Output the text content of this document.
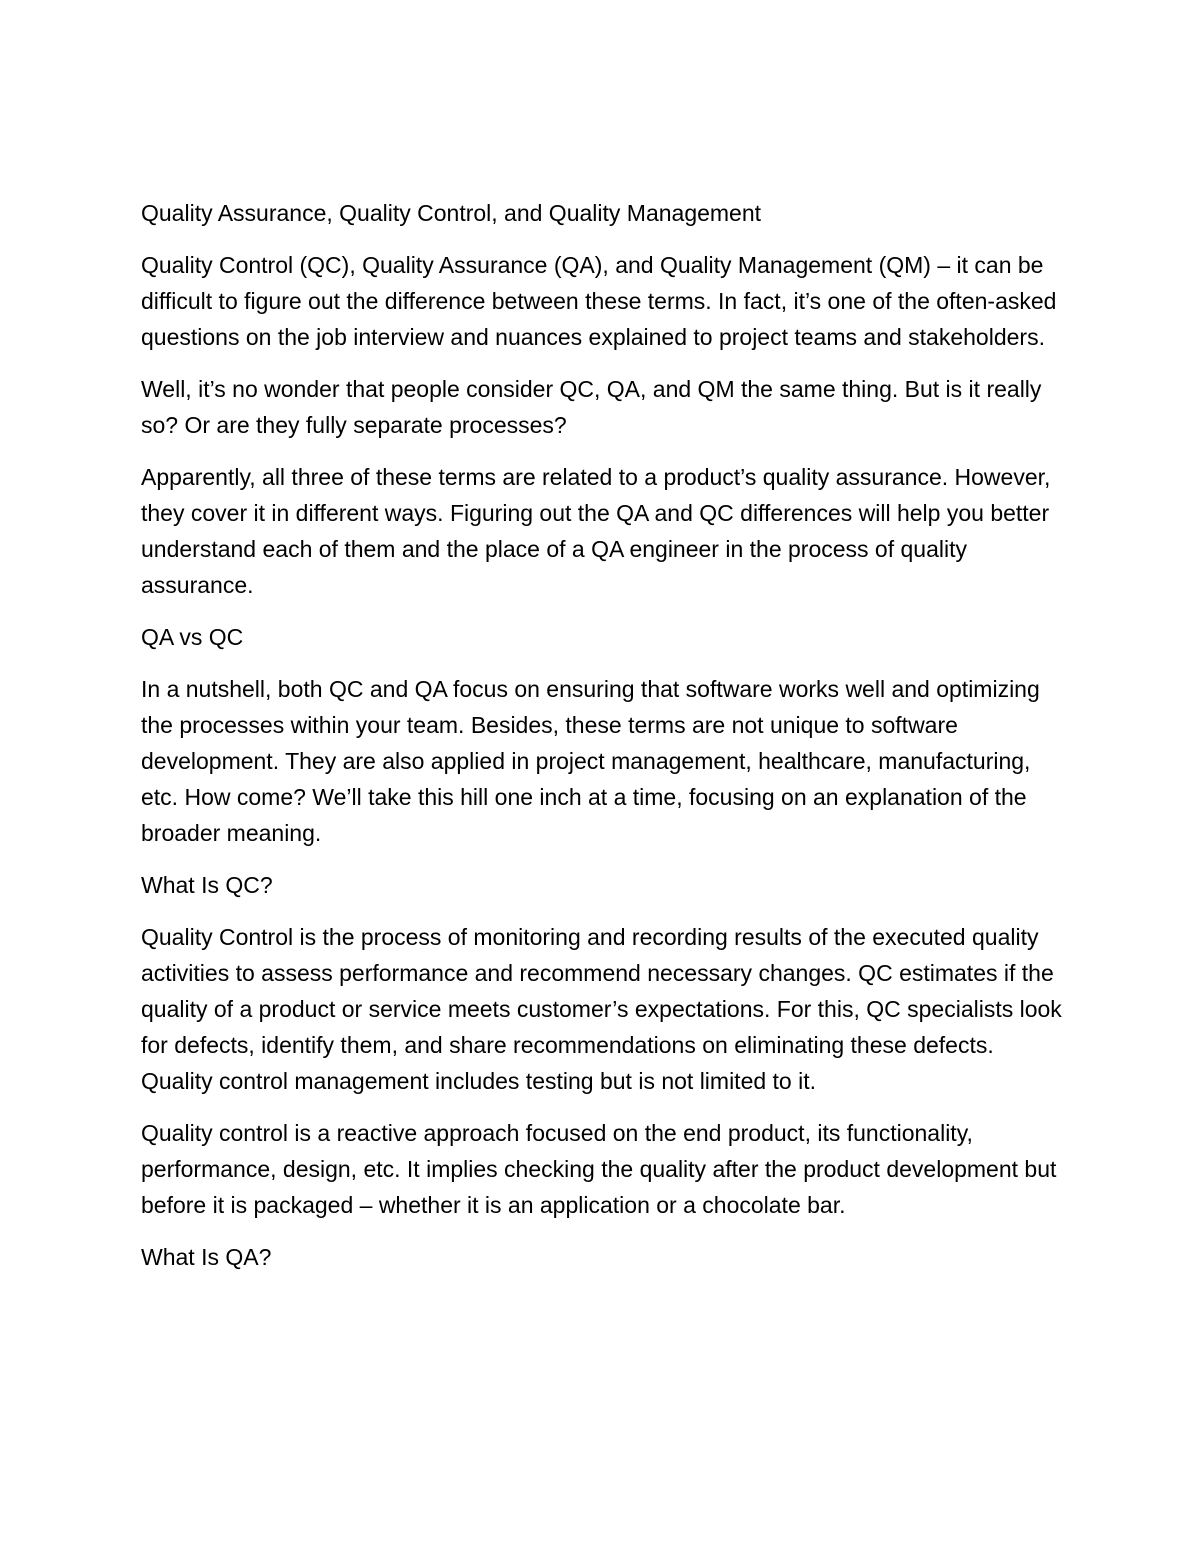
Quality Assurance, Quality Control, and Quality Management

Quality Control (QC), Quality Assurance (QA), and Quality Management (QM) – it can be difficult to figure out the difference between these terms. In fact, it’s one of the often-asked questions on the job interview and nuances explained to project teams and stakeholders.

Well, it’s no wonder that people consider QC, QA, and QM the same thing. But is it really so? Or are they fully separate processes?

Apparently, all three of these terms are related to a product’s quality assurance. However, they cover it in different ways. Figuring out the QA and QC differences will help you better understand each of them and the place of a QA engineer in the process of quality assurance.

QA vs QC

In a nutshell, both QC and QA focus on ensuring that software works well and optimizing the processes within your team. Besides, these terms are not unique to software development. They are also applied in project management, healthcare, manufacturing, etc. How come? We’ll take this hill one inch at a time, focusing on an explanation of the broader meaning.

What Is QC?

Quality Control is the process of monitoring and recording results of the executed quality activities to assess performance and recommend necessary changes. QC estimates if the quality of a product or service meets customer’s expectations. For this, QC specialists look for defects, identify them, and share recommendations on eliminating these defects. Quality control management includes testing but is not limited to it.

Quality control is a reactive approach focused on the end product, its functionality, performance, design, etc. It implies checking the quality after the product development but before it is packaged – whether it is an application or a chocolate bar.

What Is QA?
